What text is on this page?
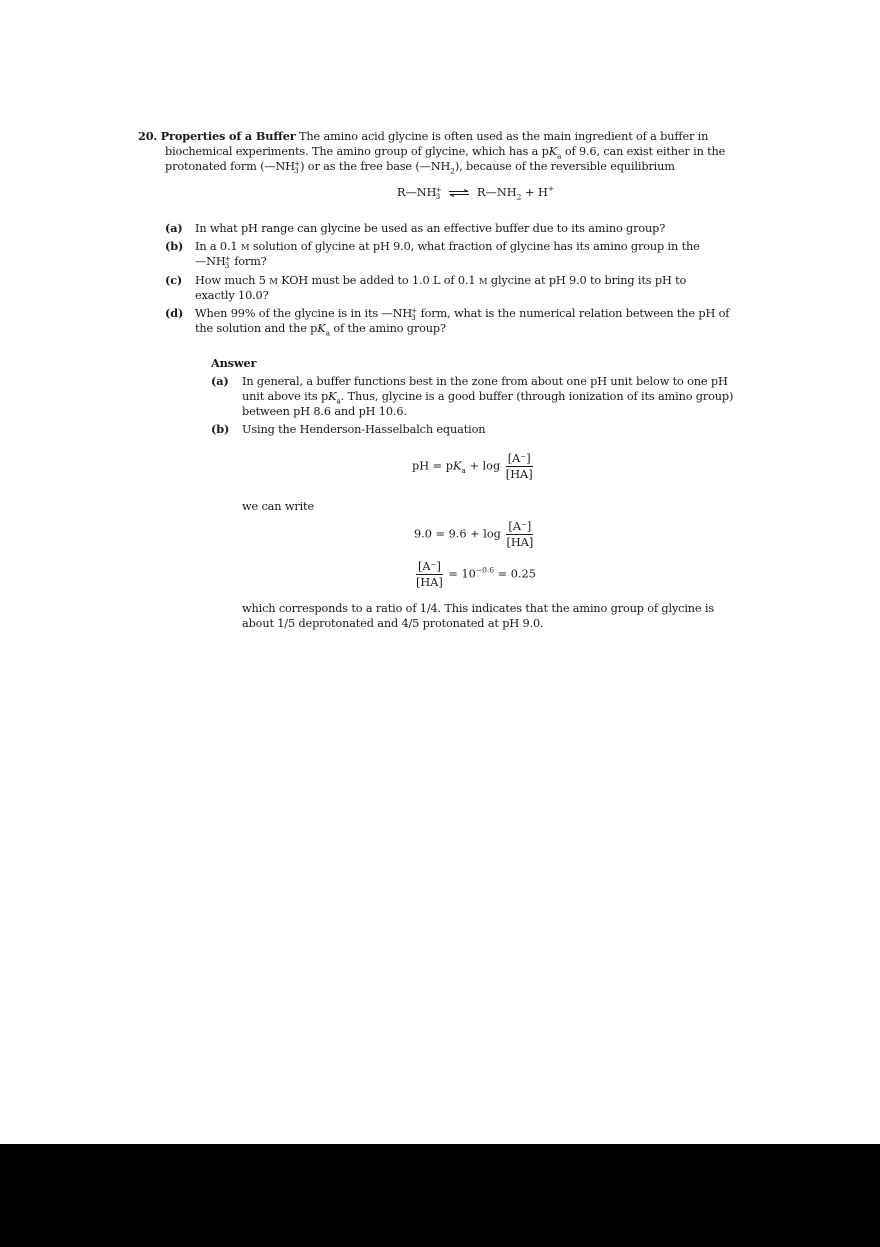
20. Properties of a Buffer The amino acid glycine is often used as the main ingredient of a buffer in
biochemical experiments. The amino group of glycine, which has a $pK_a$ of 9.6, can exist either in the
protonated form (—NH +
3 ) or as the free base $(—NH_2)$, because of the reversible equilibrium
R—NH +
3 ⇌ $R—NH_2 + H^+$
(a) In what pH range can glycine be used as an effective buffer due to its amino group?
(b) In a 0.1 M solution of glycine at pH 9.0, what fraction of glycine has its amino group in the
—NH +
3 form?
(c) How much 5 M KOH must be added to 1.0 L of 0.1 M glycine at pH 9.0 to bring its pH to
exactly 10.0?
(d) When 99% of the glycine is in its —NH +
3 form, what is the numerical relation between the pH of
the solution and the $pK_a$ of the amino group?
Answer
(a) In general, a buffer functions best in the zone from about one pH unit below to one pH
unit above its $pK_a$. Thus, glycine is a good buffer (through ionization of its amino group)
between pH 8.6 and pH 10.6.
(b) Using the Henderson-Hasselbalch equation
pH = $pK_a + \log \frac{[A^-]}{[HA]}$
we can write
$9.0 = 9.6 + \log \frac{[A^-]}{[HA]}$
$\frac{[A^-]}{[HA]} = 10^{-0.6} = 0.25$
which corresponds to a ratio of 1/4. This indicates that the amino group of glycine is
about 1/5 deprotonated and 4/5 protonated at pH 9.0.
